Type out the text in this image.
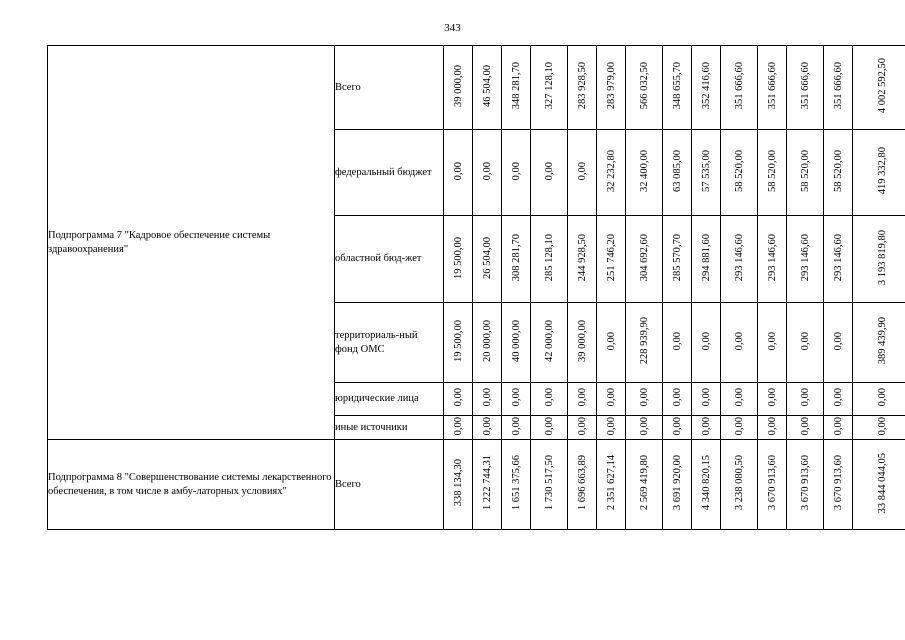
343
Подпрограмма 7 "Кадровое обеспечение системы здравоохранения"	Всего	39 000,00	46 504,00	348 281,70	327 128,10	283 928,50	283 979,00	566 032,50	348 655,70	352 416,60	351 666,60	351 666,60	351 666,60	351 666,60	4 002 592,50
	федеральный бюджет	0,00	0,00	0,00	0,00	0,00	32 232,80	32 400,00	63 085,00	57 535,00	58 520,00	58 520,00	58 520,00	58 520,00	419 332,80
	областной бюд-жет	19 500,00	26 504,00	308 281,70	285 128,10	244 928,50	251 746,20	304 692,60	285 570,70	294 881,60	293 146,60	293 146,60	293 146,60	293 146,60	3 193 819,80
	территориаль-ный фонд ОМС	19 500,00	20 000,00	40 000,00	42 000,00	39 000,00	0,00	228 939,90	0,00	0,00	0,00	0,00	0,00	0,00	389 439,90
	юридические лица	0,00	0,00	0,00	0,00	0,00	0,00	0,00	0,00	0,00	0,00	0,00	0,00	0,00	0,00
	иные источники	0,00	0,00	0,00	0,00	0,00	0,00	0,00	0,00	0,00	0,00	0,00	0,00	0,00	0,00
Подпрограмма 8 "Совершенствование системы лекарственного обеспечения, в том числе в амбу-латорных условиях"	Всего	338 134,30	1 222 744,31	1 651 375,66	1 730 517,50	1 696 663,89	2 351 627,14	2 569 419,80	3 691 920,00	4 340 820,15	3 238 080,50	3 670 913,60	3 670 913,60	3 670 913,60	33 844 044,05
